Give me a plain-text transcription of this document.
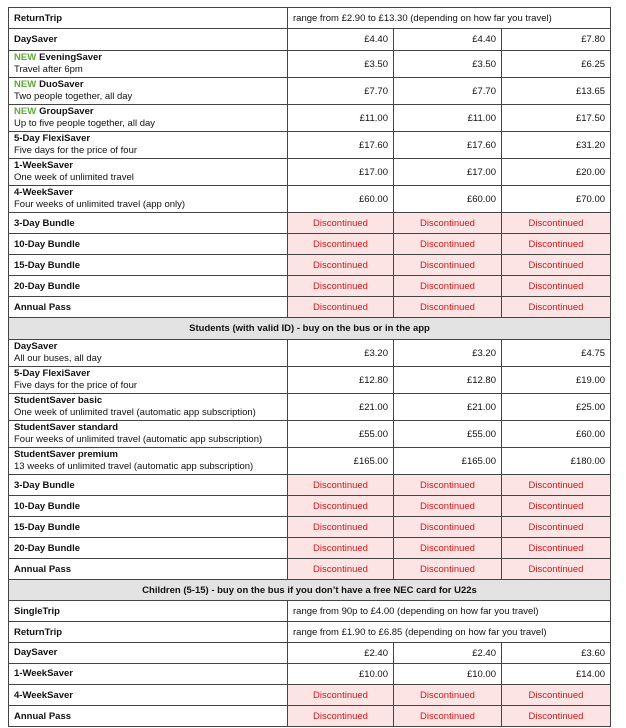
ReturnTrip	range from £2.90 to £13.30 (depending on how far you travel)		

DaySaver	£4.40	£4.40	£7.80

NEW EveningSaver
Travel after 6pm	£3.50	£3.50	£6.25

NEW DuoSaver
Two people together, all day	£7.70	£7.70	£13.65

NEW GroupSaver
Up to five people together, all day	£11.00	£11.00	£17.50

5-Day FlexiSaver
Five days for the price of four	£17.60	£17.60	£31.20

1-WeekSaver
One week of unlimited travel	£17.00	£17.00	£20.00

4-WeekSaver
Four weeks of unlimited travel (app only)	£60.00	£60.00	£70.00
3-Day Bundle	Discontinued	Discontinued	Discontinued
10-Day Bundle	Discontinued	Discontinued	Discontinued
15-Day Bundle	Discontinued	Discontinued	Discontinued
20-Day Bundle	Discontinued	Discontinued	Discontinued
Annual Pass	Discontinued	Discontinued	Discontinued
Students (with valid ID) - buy on the bus or in the app			

DaySaver
All our buses, all day	£3.20	£3.20	£4.75

5-Day FlexiSaver
Five days for the price of four	£12.80	£12.80	£19.00

StudentSaver basic
One week of unlimited travel (automatic app subscription)	£21.00	£21.00	£25.00

StudentSaver standard
Four weeks of unlimited travel (automatic app subscription)	£55.00	£55.00	£60.00

StudentSaver premium
13 weeks of unlimited travel (automatic app subscription)	£165.00	£165.00	£180.00
3-Day Bundle	Discontinued	Discontinued	Discontinued
10-Day Bundle	Discontinued	Discontinued	Discontinued
15-Day Bundle	Discontinued	Discontinued	Discontinued
20-Day Bundle	Discontinued	Discontinued	Discontinued
Annual Pass	Discontinued	Discontinued	Discontinued
Children (5-15) - buy on the bus if you don’t have a free NEC card for U22s			
SingleTrip	range from 90p to £4.00 (depending on how far you travel)		
ReturnTrip	range from £1.90 to £6.85 (depending on how far you travel)		

DaySaver	£2.40	£2.40	£3.60

1-WeekSaver	£10.00	£10.00	£14.00
4-WeekSaver	Discontinued	Discontinued	Discontinued
Annual Pass	Discontinued	Discontinued	Discontinued
